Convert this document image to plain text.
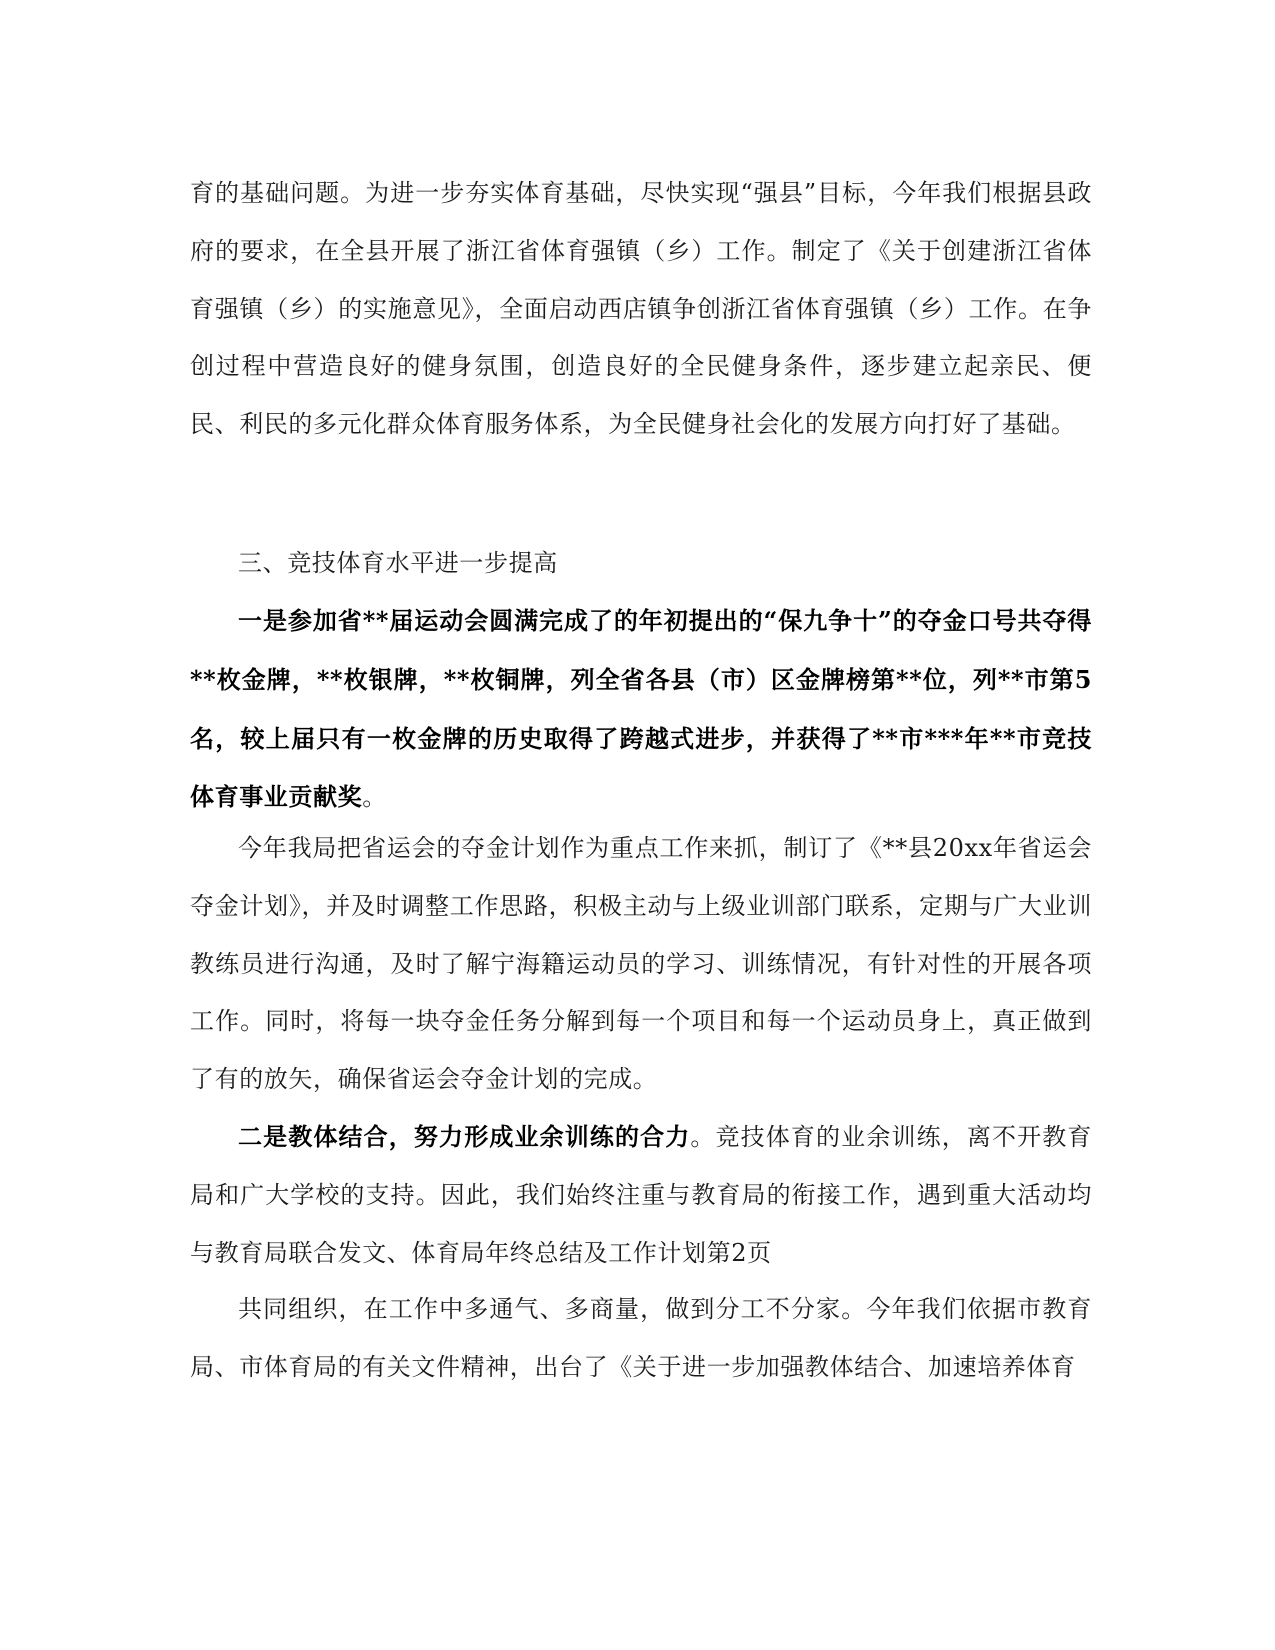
育的基础问题。为进一步夯实体育基础，尽快实现“强县”目标，今年我们根据县政府的要求，在全县开展了浙江省体育强镇（乡）工作。制定了《关于创建浙江省体育强镇（乡）的实施意见》，全面启动西店镇争创浙江省体育强镇（乡）工作。在争创过程中营造良好的健身氛围，创造良好的全民健身条件，逐步建立起亲民、便民、利民的多元化群众体育服务体系，为全民健身社会化的发展方向打好了基础。

三、竞技体育水平进一步提高

一是参加省**届运动会圆满完成了的年初提出的“保九争十”的夺金口号共夺得**枚金牌，**枚银牌，**枚铜牌，列全省各县（市）区金牌榜第**位，列**市第5名，较上届只有一枚金牌的历史取得了跨越式进步，并获得了**市***年**市竞技体育事业贡献奖。

今年我局把省运会的夺金计划作为重点工作来抓，制订了《**县20xx年省运会夺金计划》，并及时调整工作思路，积极主动与上级业训部门联系，定期与广大业训教练员进行沟通，及时了解宁海籍运动员的学习、训练情况，有针对性的开展各项工作。同时，将每一块夺金任务分解到每一个项目和每一个运动员身上，真正做到了有的放矢，确保省运会夺金计划的完成。

二是教体结合，努力形成业余训练的合力。竞技体育的业余训练，离不开教育局和广大学校的支持。因此，我们始终注重与教育局的衔接工作，遇到重大活动均与教育局联合发文、体育局年终总结及工作计划第2页

共同组织，在工作中多通气、多商量，做到分工不分家。今年我们依据市教育局、市体育局的有关文件精神，出台了《关于进一步加强教体结合、加速培养体育
